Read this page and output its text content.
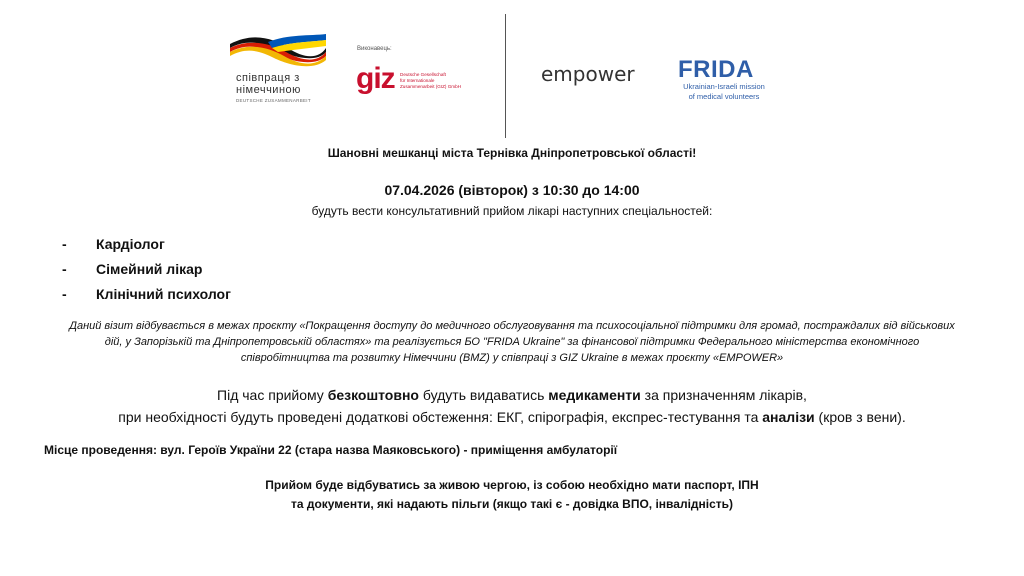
співпраця з
німеччиною
DEUTSCHE ZUSAMMENARBEIT
Виконавець:
giz Deutsche Gesellschaft
für Internationale
Zusammenarbeit (GIZ) GmbH
empower FRIDA
Ukrainian-Israeli mission
of medical volunteers
Шановні мешканці міста Тернівка Дніпропетровської області!
07.04.2026 (вівторок) з 10:30 до 14:00
будуть вести консультативний прийом лікарі наступних спеціальностей:
-	Кардіолог
-	Сімейний лікар
-	Клінічний психолог
Даний візит відбувається в межах проєкту «Покращення доступу до медичного обслуговування та психосоціальної підтримки для громад, постраждалих від військових
дій, у Запорізькій та Дніпропетровській областях» та реалізується БО "FRIDA Ukraine" за фінансової підтримки Федерального міністерства економічного
співробітництва та розвитку Німеччини (BMZ) у співпраці з GIZ Ukraine в межах проєкту «EMPOWER»
Під час прийому безкоштовно будуть видаватись медикаменти за призначенням лікарів,
при необхідності будуть проведені додаткові обстеження: ЕКГ, спірографія, експрес-тестування та аналізи (кров з вени).
Місце проведення: вул. Героїв України 22 (стара назва Маяковського) - приміщення амбулаторії
Прийом буде відбуватись за живою чергою, із собою необхідно мати паспорт, ІПН
та документи, які надають пільги (якщо такі є - довідка ВПО, інвалідність)
